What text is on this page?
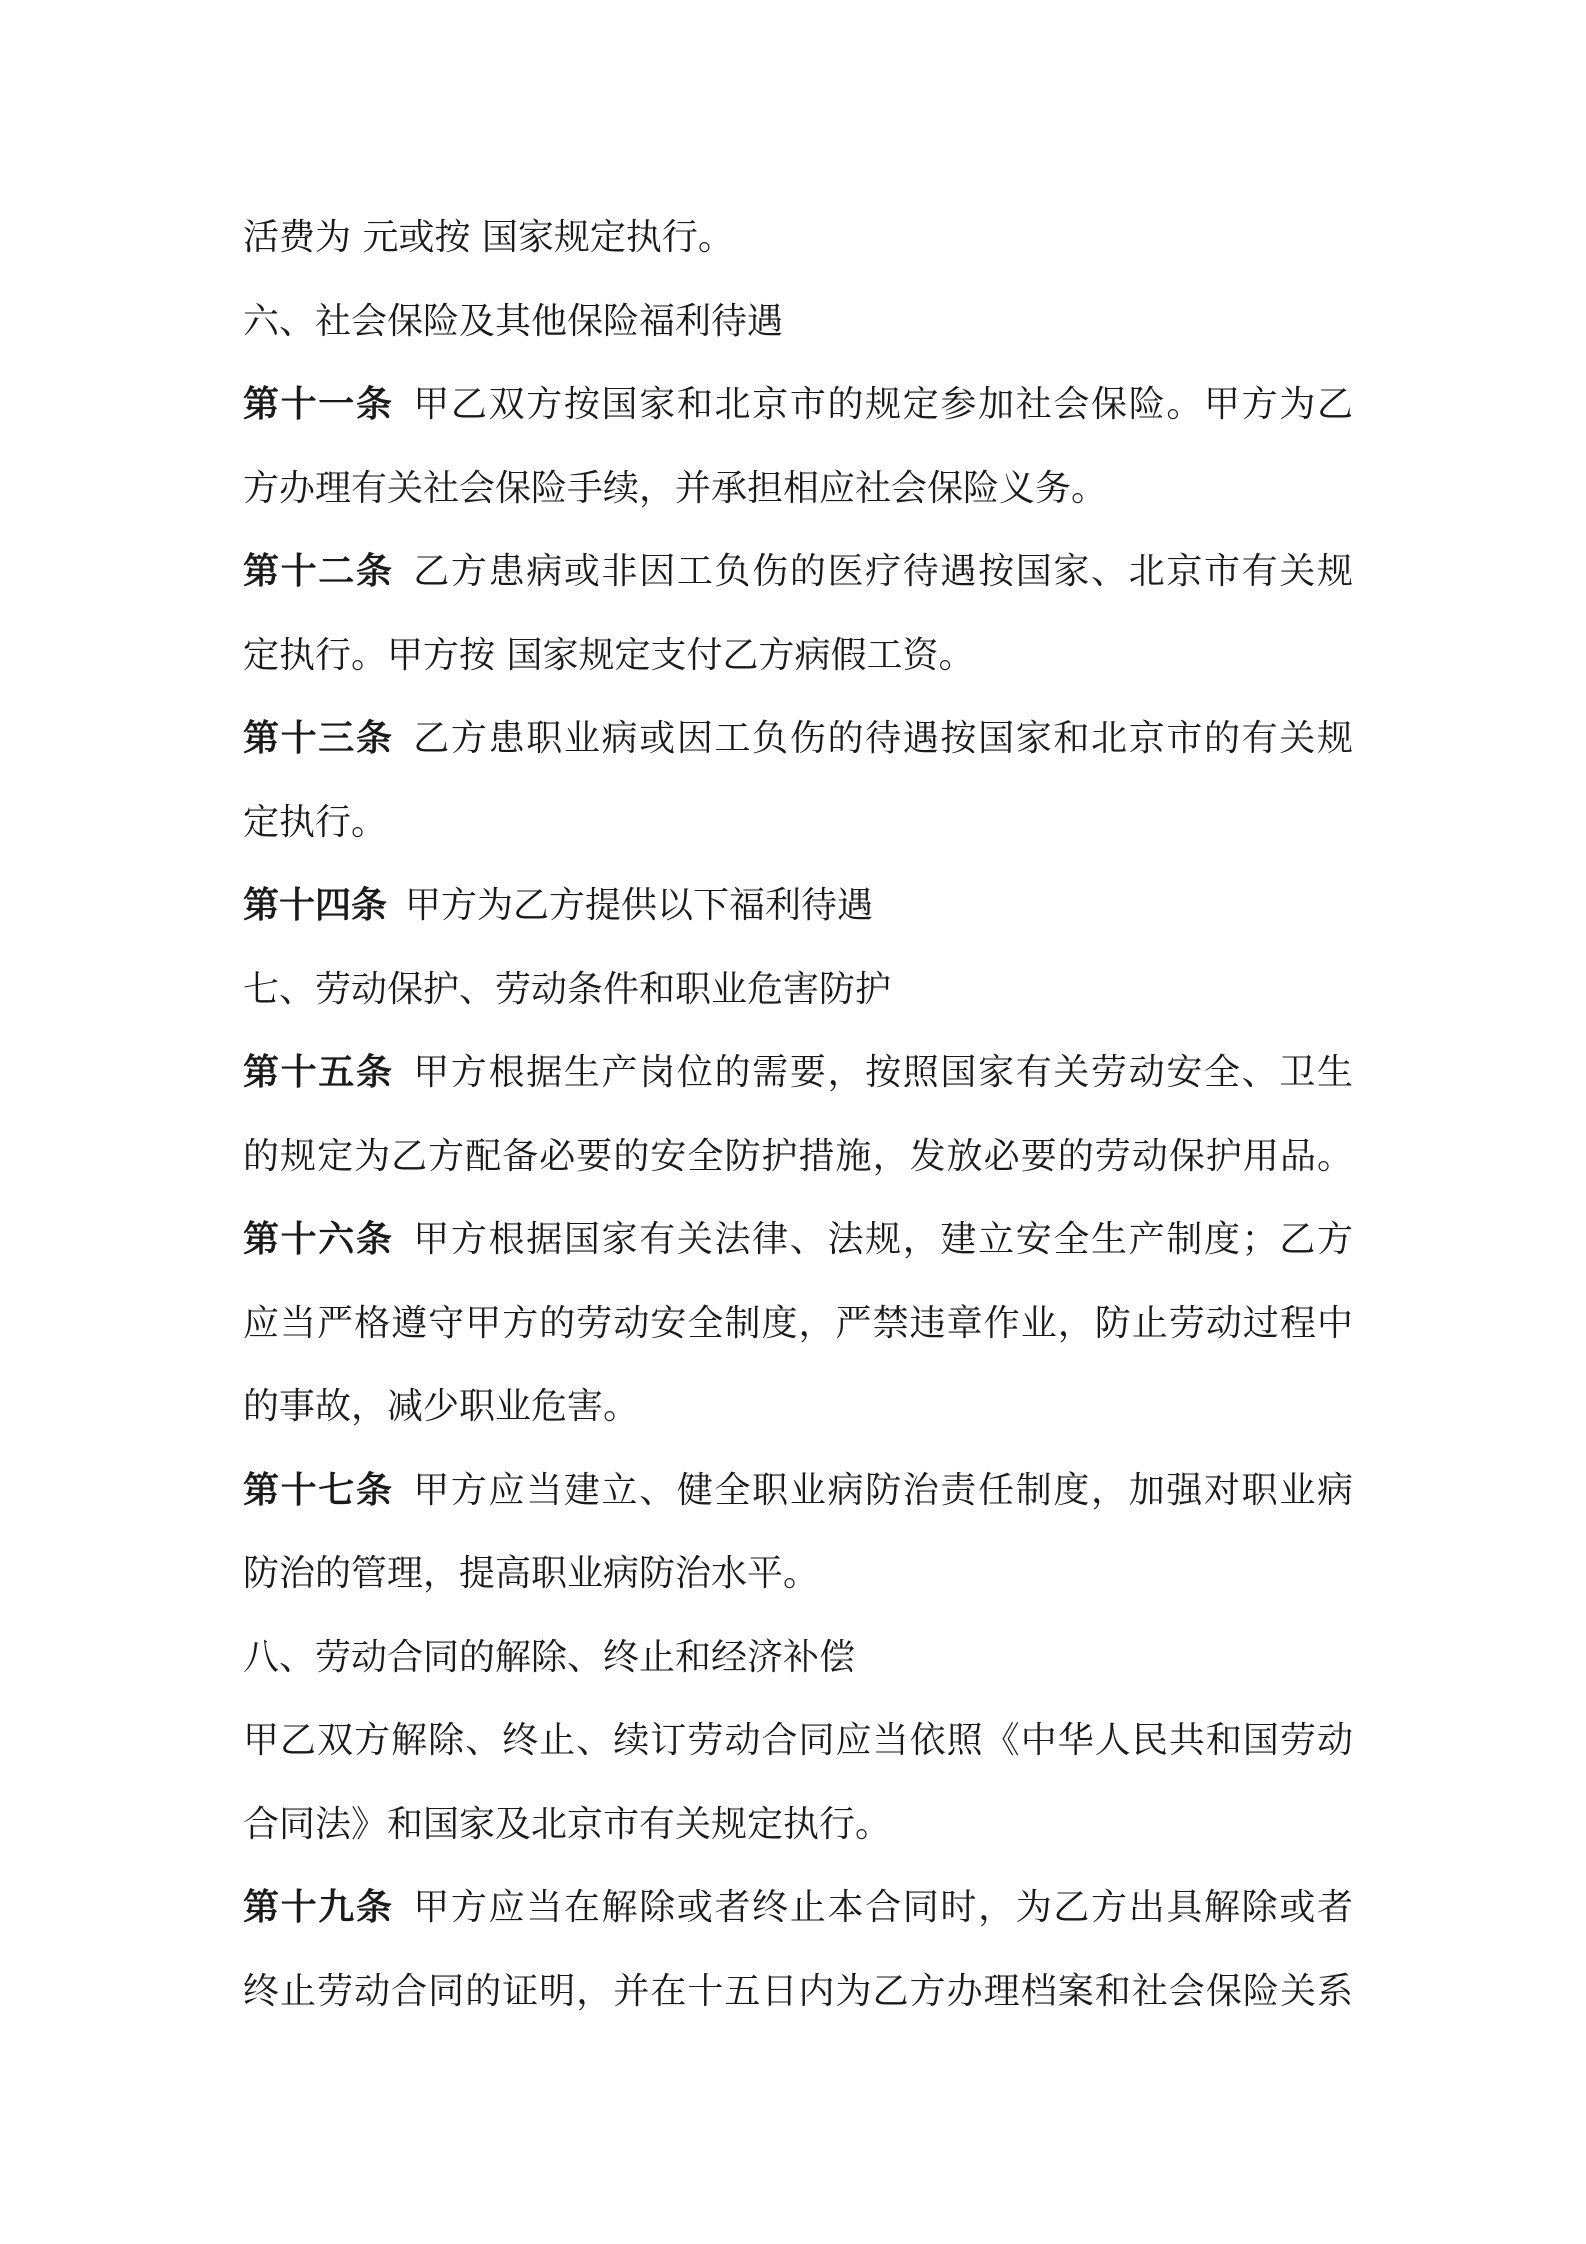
活费为 元或按 国家规定执行。
六、社会保险及其他保险福利待遇
第十一条 甲乙双方按国家和北京市的规定参加社会保险。甲方为乙
方办理有关社会保险手续，并承担相应社会保险义务。
第十二条 乙方患病或非因工负伤的医疗待遇按国家、北京市有关规
定执行。甲方按 国家规定支付乙方病假工资。
第十三条 乙方患职业病或因工负伤的待遇按国家和北京市的有关规
定执行。
第十四条 甲方为乙方提供以下福利待遇
七、劳动保护、劳动条件和职业危害防护
第十五条 甲方根据生产岗位的需要，按照国家有关劳动安全、卫生
的规定为乙方配备必要的安全防护措施，发放必要的劳动保护用品。
第十六条 甲方根据国家有关法律、法规，建立安全生产制度；乙方
应当严格遵守甲方的劳动安全制度，严禁违章作业，防止劳动过程中
的事故，减少职业危害。
第十七条 甲方应当建立、健全职业病防治责任制度，加强对职业病
防治的管理，提高职业病防治水平。
八、劳动合同的解除、终止和经济补偿
甲乙双方解除、终止、续订劳动合同应当依照《中华人民共和国劳动
合同法》和国家及北京市有关规定执行。
第十九条 甲方应当在解除或者终止本合同时，为乙方出具解除或者
终止劳动合同的证明，并在十五日内为乙方办理档案和社会保险关系
